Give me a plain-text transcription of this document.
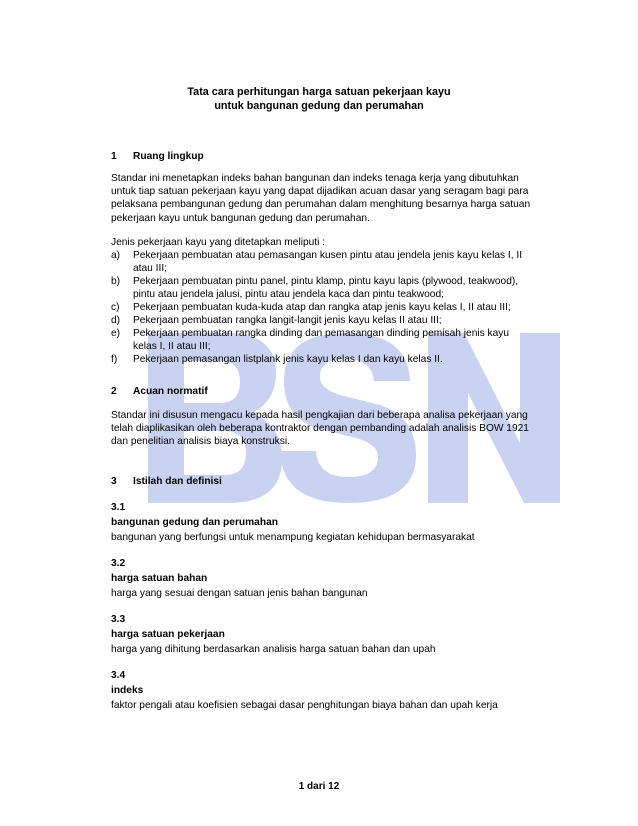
Tata cara perhitungan harga satuan pekerjaan kayu
untuk bangunan gedung dan perumahan
1 Ruang lingkup
Standar ini menetapkan indeks bahan bangunan dan indeks tenaga kerja yang dibutuhkan
untuk tiap satuan pekerjaan kayu yang dapat dijadikan acuan dasar yang seragam bagi para
pelaksana pembangunan gedung dan perumahan dalam menghitung besarnya harga satuan
pekerjaan kayu untuk bangunan gedung dan perumahan.
Jenis pekerjaan kayu yang ditetapkan meliputi :
a)	Pekerjaan pembuatan atau pemasangan kusen pintu atau jendela jenis kayu kelas I, II
atau III;
b)	Pekerjaan pembuatan pintu panel, pintu klamp, pintu kayu lapis (plywood, teakwood),
pintu atau jendela jalusi, pintu atau jendela kaca dan pintu teakwood;
c)	Pekerjaan pembuatan kuda-kuda atap dan rangka atap jenis kayu kelas I, II atau III;
d)	Pekerjaan pembuatan rangka langit-langit jenis kayu kelas II atau III;
e)	Pekerjaan pembuatan rangka dinding dan pemasangan dinding pemisah jenis kayu
kelas I, II atau III;
f)	Pekerjaan pemasangan listplank jenis kayu kelas I dan kayu kelas II.
2 Acuan normatif
Standar ini disusun mengacu kepada hasil pengkajian dari beberapa analisa pekerjaan yang
telah diaplikasikan oleh beberapa kontraktor dengan pembanding adalah analisis BOW 1921
dan penelitian analisis biaya konstruksi.
3 Istilah dan definisi
3.1
bangunan gedung dan perumahan
bangunan yang berfungsi untuk menampung kegiatan kehidupan bermasyarakat
3.2
harga satuan bahan
harga yang sesuai dengan satuan jenis bahan bangunan
3.3
harga satuan pekerjaan
harga yang dihitung berdasarkan analisis harga satuan bahan dan upah
3.4
indeks
faktor pengali atau koefisien sebagai dasar penghitungan biaya bahan dan upah kerja
1 dari 12
